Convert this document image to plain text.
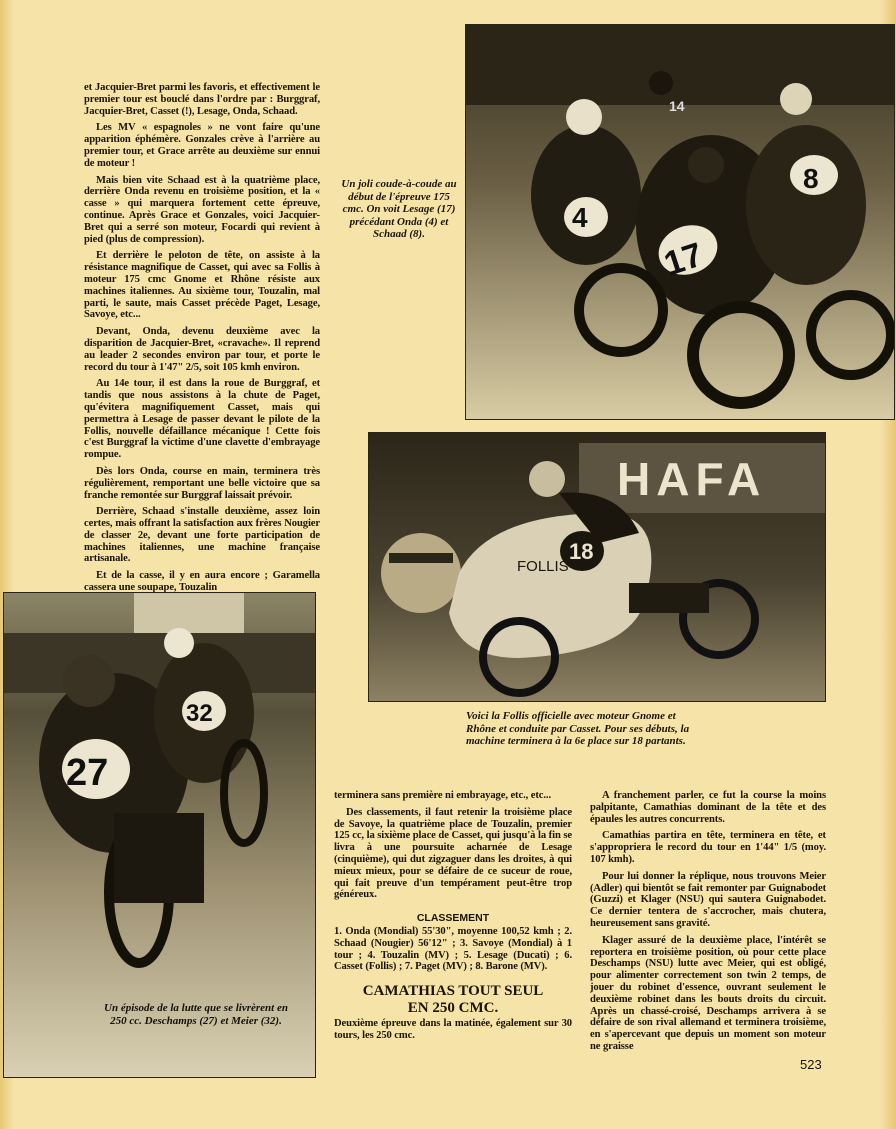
et Jacquier-Bret parmi les favoris, et effectivement le premier tour est bouclé dans l'ordre par : Burggraf, Jacquier-Bret, Casset (!), Lesage, Onda, Schaad.

Les MV « espagnoles » ne vont faire qu'une apparition éphémère. Gonzales crève à l'arrière au premier tour, et Grace arrête au deuxième sur ennui de moteur !

Mais bien vite Schaad est à la quatrième place, derrière Onda revenu en troisième position, et la « casse » qui marquera fortement cette épreuve, continue. Après Grace et Gonzales, voici Jacquier-Bret qui a serré son moteur, Focardi qui revient à pied (plus de compression).

Et derrière le peloton de tête, on assiste à la résistance magnifique de Casset, qui avec sa Follis à moteur 175 cmc Gnome et Rhône résiste aux machines italiennes. Au sixième tour, Touzalin, mal parti, le saute, mais Casset précède Paget, Lesage, Savoye, etc...

Devant, Onda, devenu deuxième avec la disparition de Jacquier-Bret, «cravache». Il reprend au leader 2 secondes environ par tour, et porte le record du tour à 1'47" 2/5, soit 105 kmh environ.

Au 14e tour, il est dans la roue de Burggraf, et tandis que nous assistons à la chute de Paget, qu'évitera magnifiquement Casset, mais qui permettra à Lesage de passer devant le pilote de la Follis, nouvelle défaillance mécanique ! Cette fois c'est Burggraf la victime d'une clavette d'embrayage rompue.

Dès lors Onda, course en main, terminera très régulièrement, remportant une belle victoire que sa franche remontée sur Burggraf laissait prévoir.

Derrière, Schaad s'installe deuxième, assez loin certes, mais offrant la satisfaction aux frères Nougier de classer 2e, devant une forte participation de machines italiennes, une machine française artisanale.

Et de la casse, il y en aura encore ; Garamella cassera une soupape, Touzalin

Un joli coude-à-coude au début de l'épreuve 175 cmc. On voit Lesage (17) précédant Onda (4) et Schaad (8).
4
17
8
14
HAFA
18
FOLLIS
Voici la Follis officielle avec moteur Gnome et Rhône et conduite par Casset. Pour ses débuts, la machine terminera à la 6e place sur 18 partants.
27
32
Un épisode de la lutte que se livrèrent en 250 cc. Deschamps (27) et Meier (32).

terminera sans première ni embrayage, etc., etc...

Des classements, il faut retenir la troisième place de Savoye, la quatrième place de Touzalin, premier 125 cc, la sixième place de Casset, qui jusqu'à la fin se livra à une poursuite acharnée de Lesage (cinquième), qui dut zigzaguer dans les droites, à qui mieux mieux, pour se défaire de ce suceur de roue, qui fait preuve d'un tempérament peut-être trop généreux.

CLASSEMENT
1. Onda (Mondial) 55'30", moyenne 100,52 kmh ; 2. Schaad (Nougier) 56'12" ; 3. Savoye (Mondial) à 1 tour ; 4. Touzalin (MV) ; 5. Lesage (Ducati) ; 6. Casset (Follis) ; 7. Paget (MV) ; 8. Barone (MV).
CAMATHIAS TOUT SEUL
EN 250 CMC.
Deuxième épreuve dans la matinée, également sur 30 tours, les 250 cmc.

A franchement parler, ce fut la course la moins palpitante, Camathias dominant de la tête et des épaules les autres concurrents.

Camathias partira en tête, terminera en tête, et s'appropriera le record du tour en 1'44" 1/5 (moy. 107 kmh).

Pour lui donner la réplique, nous trouvons Meier (Adler) qui bientôt se fait remonter par Guignabodet (Guzzi) et Klager (NSU) qui sautera Guignabodet. Ce dernier tentera de s'accrocher, mais chutera, heureusement sans gravité.

Klager assuré de la deuxième place, l'intérêt se reportera en troisième position, où pour cette place Deschamps (NSU) lutte avec Meier, qui est obligé, pour alimenter correctement son twin 2 temps, de jouer du robinet d'essence, ouvrant seulement le deuxième robinet dans les bouts droits du circuit. Après un chassé-croisé, Deschamps arrivera à se défaire de son rival allemand et terminera troisième, en s'apercevant que depuis un moment son moteur ne graisse

523
